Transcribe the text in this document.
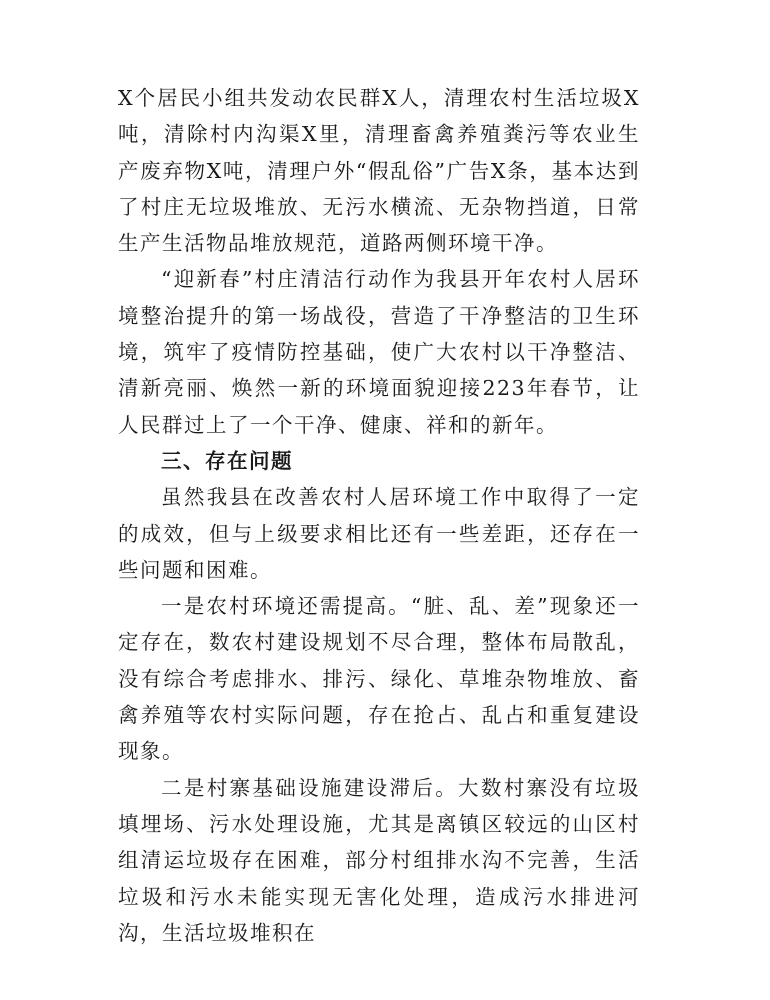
X个居民小组共发动农民群X人，清理农村生活垃圾X吨，清除村内沟渠X里，清理畜禽养殖粪污等农业生产废弃物X吨，清理户外“假乱俗”广告X条，基本达到了村庄无垃圾堆放、无污水横流、无杂物挡道，日常生产生活物品堆放规范，道路两侧环境干净。

“迎新春”村庄清洁行动作为我县开年农村人居环境整治提升的第一场战役，营造了干净整洁的卫生环境，筑牢了疫情防控基础，使广大农村以干净整洁、清新亮丽、焕然一新的环境面貌迎接223年春节，让人民群过上了一个干净、健康、祥和的新年。

三、存在问题

虽然我县在改善农村人居环境工作中取得了一定的成效，但与上级要求相比还有一些差距，还存在一些问题和困难。

一是农村环境还需提高。“脏、乱、差”现象还一定存在，数农村建设规划不尽合理，整体布局散乱，没有综合考虑排水、排污、绿化、草堆杂物堆放、畜禽养殖等农村实际问题，存在抢占、乱占和重复建设现象。

二是村寨基础设施建设滞后。大数村寨没有垃圾填埋场、污水处理设施，尤其是离镇区较远的山区村组清运垃圾存在困难，部分村组排水沟不完善，生活垃圾和污水未能实现无害化处理，造成污水排进河沟，生活垃圾堆积在
